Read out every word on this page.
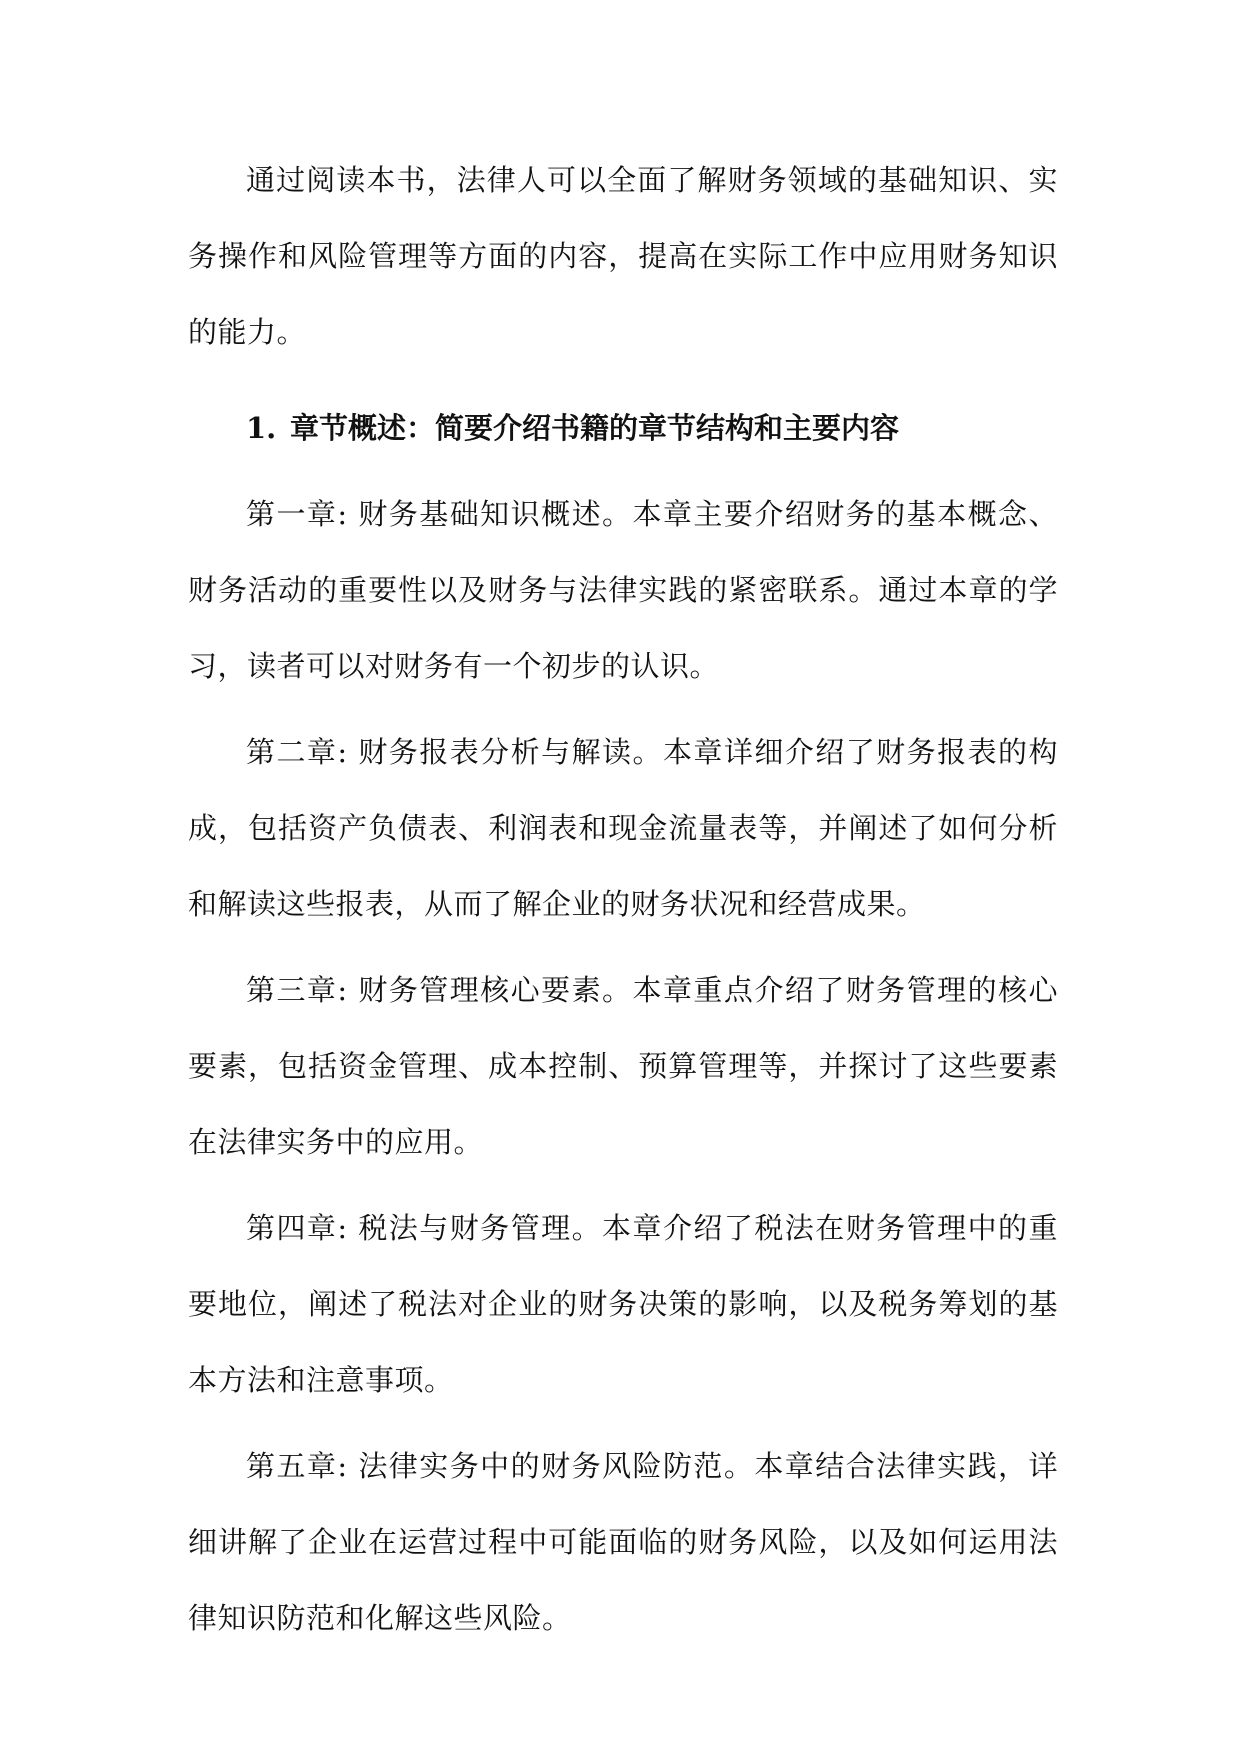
通过阅读本书，法律人可以全面了解财务领域的基础知识、实务操作和风险管理等方面的内容，提高在实际工作中应用财务知识的能力。

1. 章节概述：简要介绍书籍的章节结构和主要内容

第一章: 财务基础知识概述。本章主要介绍财务的基本概念、财务活动的重要性以及财务与法律实践的紧密联系。通过本章的学习，读者可以对财务有一个初步的认识。

第二章: 财务报表分析与解读。本章详细介绍了财务报表的构成，包括资产负债表、利润表和现金流量表等，并阐述了如何分析和解读这些报表，从而了解企业的财务状况和经营成果。

第三章: 财务管理核心要素。本章重点介绍了财务管理的核心要素，包括资金管理、成本控制、预算管理等，并探讨了这些要素在法律实务中的应用。

第四章: 税法与财务管理。本章介绍了税法在财务管理中的重要地位，阐述了税法对企业的财务决策的影响，以及税务筹划的基本方法和注意事项。

第五章: 法律实务中的财务风险防范。本章结合法律实践，详细讲解了企业在运营过程中可能面临的财务风险，以及如何运用法律知识防范和化解这些风险。
